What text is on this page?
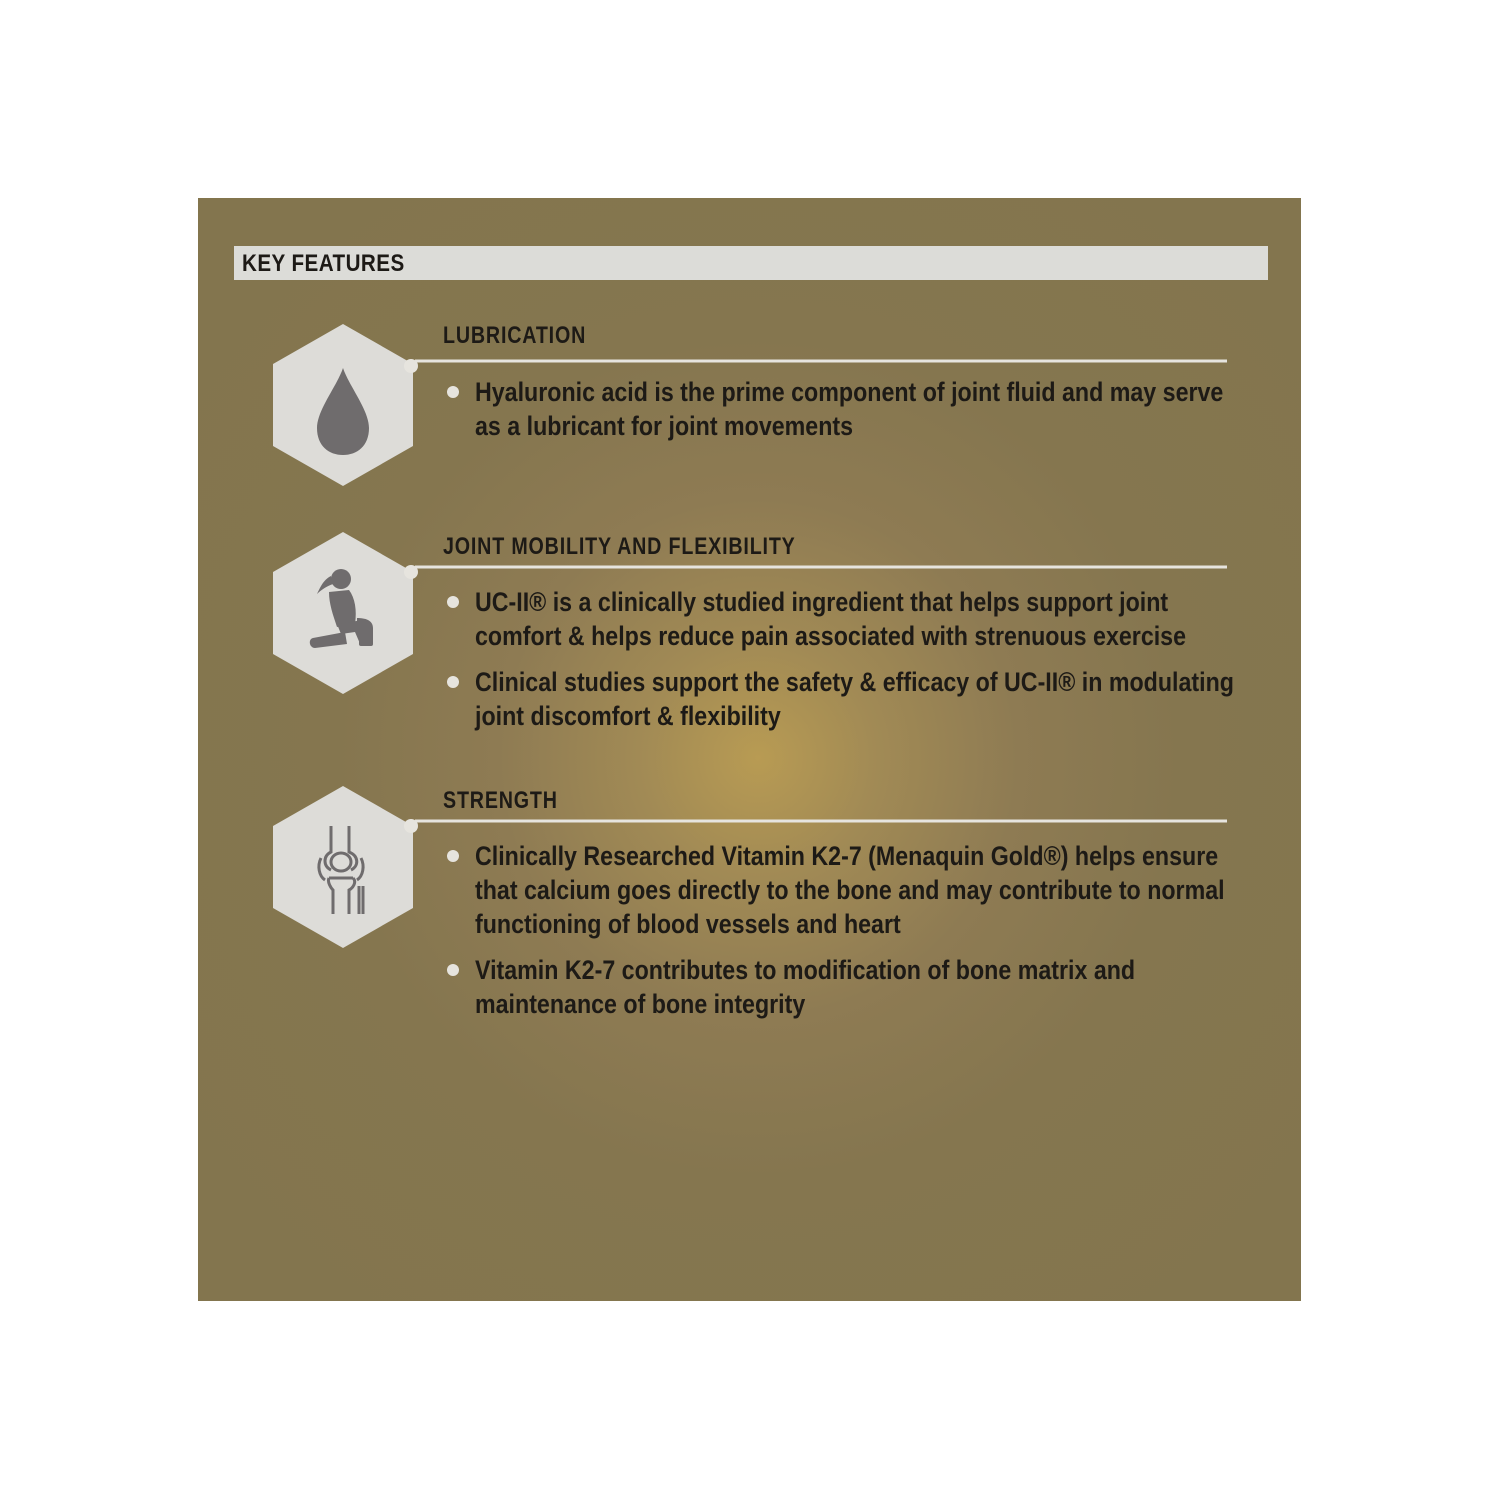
KEY FEATURES
LUBRICATION
Hyaluronic acid is the prime component of joint fluid and may serve as a lubricant for joint movements
JOINT MOBILITY AND FLEXIBILITY
UC-II® is a clinically studied ingredient that helps support joint comfort & helps reduce pain associated with strenuous exercise
Clinical studies support the safety & efficacy of UC-II® in modulating joint discomfort & flexibility
STRENGTH
Clinically Researched Vitamin K2-7 (Menaquin Gold®) helps ensure that calcium goes directly to the bone and may contribute to normal functioning of blood vessels and heart
Vitamin K2-7 contributes to modification of bone matrix and maintenance of bone integrity
